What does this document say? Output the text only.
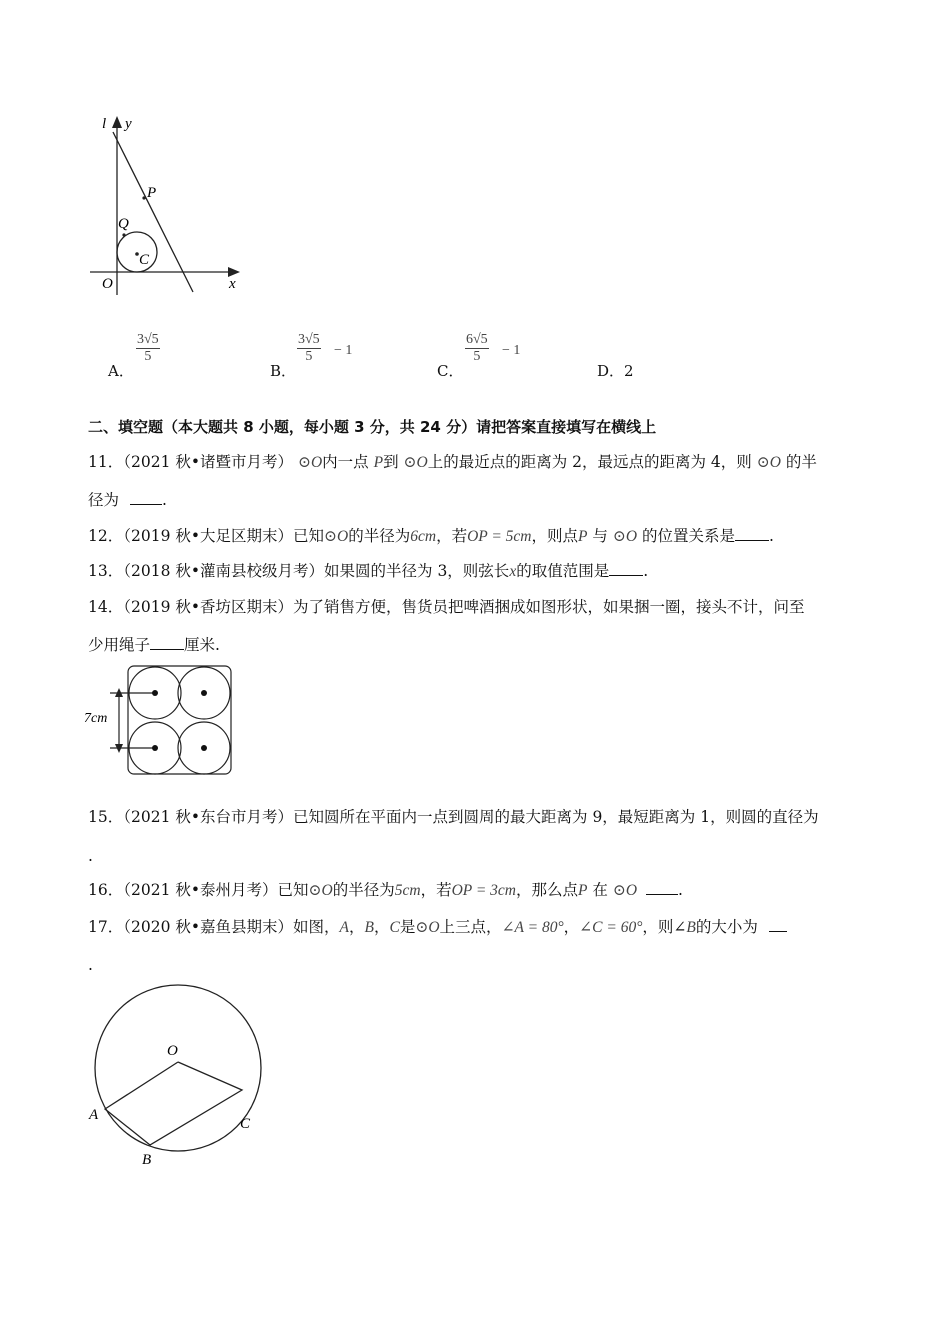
l y
P
Q
C
O	x
A．
$\frac{3√5}{5}$
B．
$\frac{3√5}{5} - 1$
C．
$\frac{6√5}{5} - 1$
D．2
二、填空题（本大题共 8 小题，每小题 3 分，共 24 分）请把答案直接填写在横线上
11．（2021 秋•诸暨市月考） ⊙O内一点 P到 ⊙O上的最近点的距离为 2，最远点的距离为 4，则 ⊙O 的半
径为	.
12．（2019 秋•大足区期末）已知⊙O的半径为6cm，若OP = 5cm，则点P 与 ⊙O 的位置关系是 .
13．（2018 秋•灌南县校级月考）如果圆的半径为 3，则弦长x的取值范围是 .
14．（2019 秋•香坊区期末）为了销售方便，售货员把啤酒捆成如图形状，如果捆一圈，接头不计，问至
少用绳子 厘米.
7cm
15．（2021 秋•东台市月考）已知圆所在平面内一点到圆周的最大距离为 9，最短距离为 1，则圆的直径为
.
16．（2021 秋•泰州月考）已知⊙O的半径为5cm，若OP = 3cm，那么点P 在 ⊙O	.
17．（2020 秋•嘉鱼县期末）如图，A，B，C是⊙O上三点，∠A = 80°，∠C = 60°，则∠B的大小为
.
O
A
B
C
